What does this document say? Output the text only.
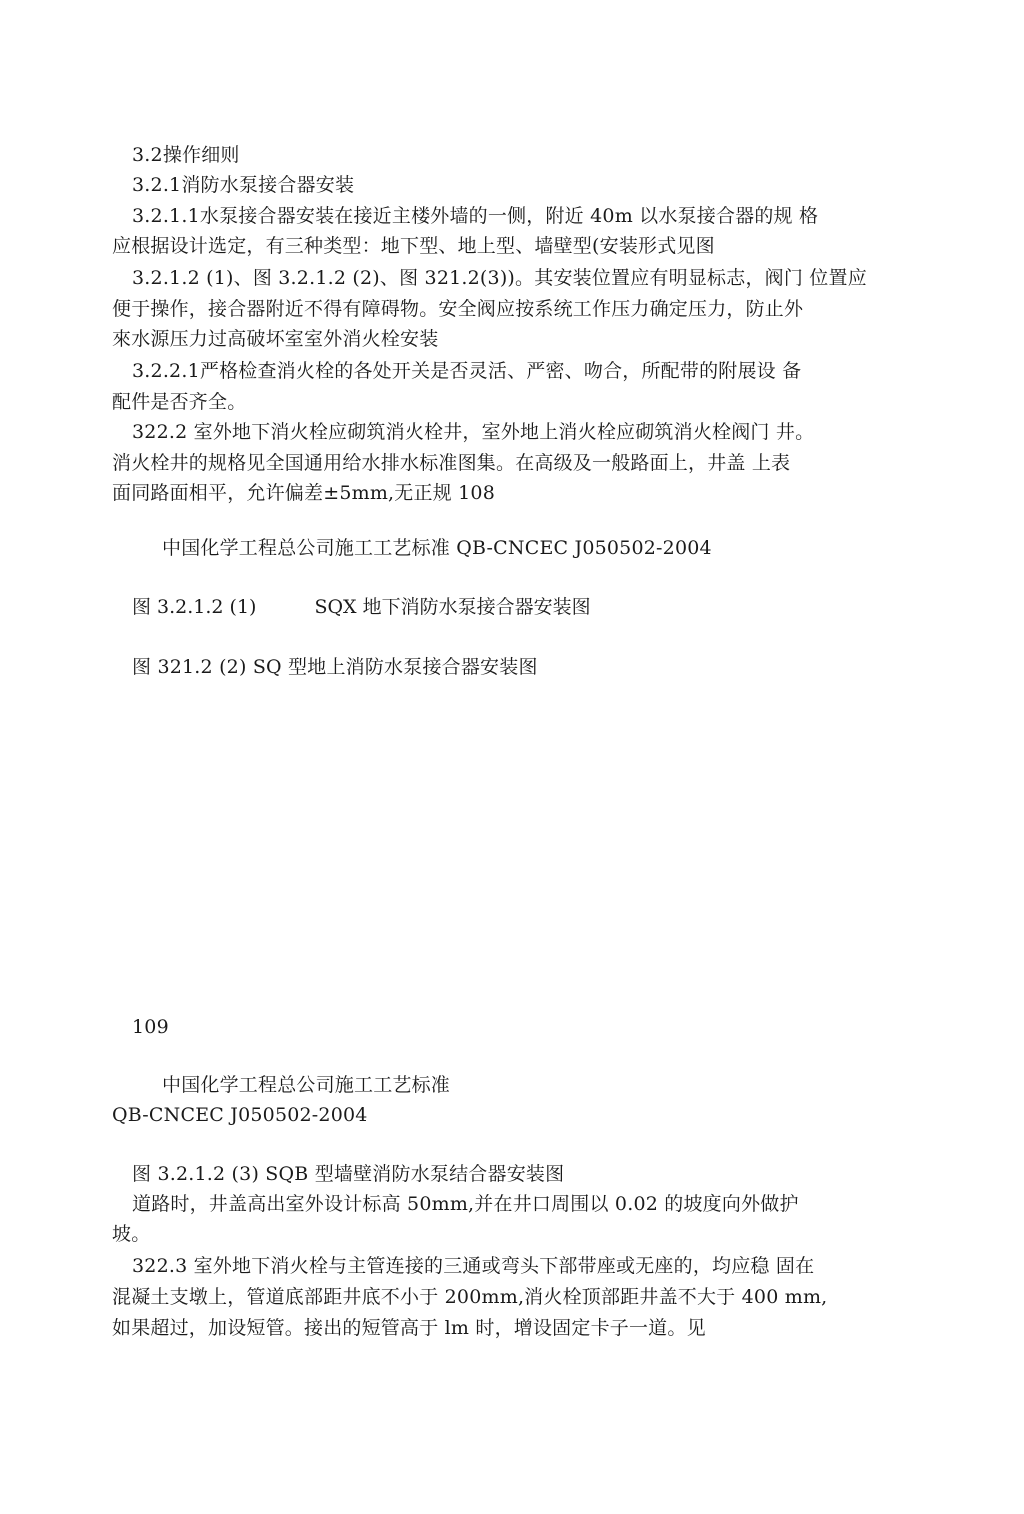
3.2操作细则
3.2.1消防水泵接合器安装
3.2.1.1水泵接合器安装在接近主楼外墙的一侧，附近 40m 以水泵接合器的规 格
应根据设计选定，有三种类型：地下型、地上型、墙壁型(安装形式见图
3.2.1.2 (1)、图 3.2.1.2 (2)、图 321.2(3))。其安装位置应有明显标志，阀门 位置应
便于操作，接合器附近不得有障碍物。安全阀应按系统工作压力确定压力，防止外
來水源压力过高破坏室室外消火栓安装
3.2.2.1严格检查消火栓的各处开关是否灵活、严密、吻合，所配带的附展设 备
配件是否齐全。
322.2 室外地下消火栓应砌筑消火栓井，室外地上消火栓应砌筑消火栓阀门 井。
消火栓井的规格见全国通用给水排水标准图集。在高级及一般路面上，井盖 上表
面同路面相平，允许偏差±5mm,无正规 108
中国化学工程总公司施工工艺标准 QB-CNCEC J050502-2004
图 3.2.1.2 (1)	SQX 地下消防水泵接合器安装图
图 321.2 (2) SQ 型地上消防水泵接合器安装图
109
中国化学工程总公司施工工艺标准
QB-CNCEC J050502-2004
图 3.2.1.2 (3) SQB 型墙壁消防水泵结合器安装图
道路时，井盖高出室外设计标高 50mm,并在井口周围以 0.02 的坡度向外做护
坡。
322.3 室外地下消火栓与主管连接的三通或弯头下部带座或无座的，均应稳 固在
混凝土支墩上，管道底部距井底不小于 200mm,消火栓顶部距井盖不大于 400 mm,
如果超过，加设短管。接出的短管高于 lm 时，增设固定卡子一道。见
